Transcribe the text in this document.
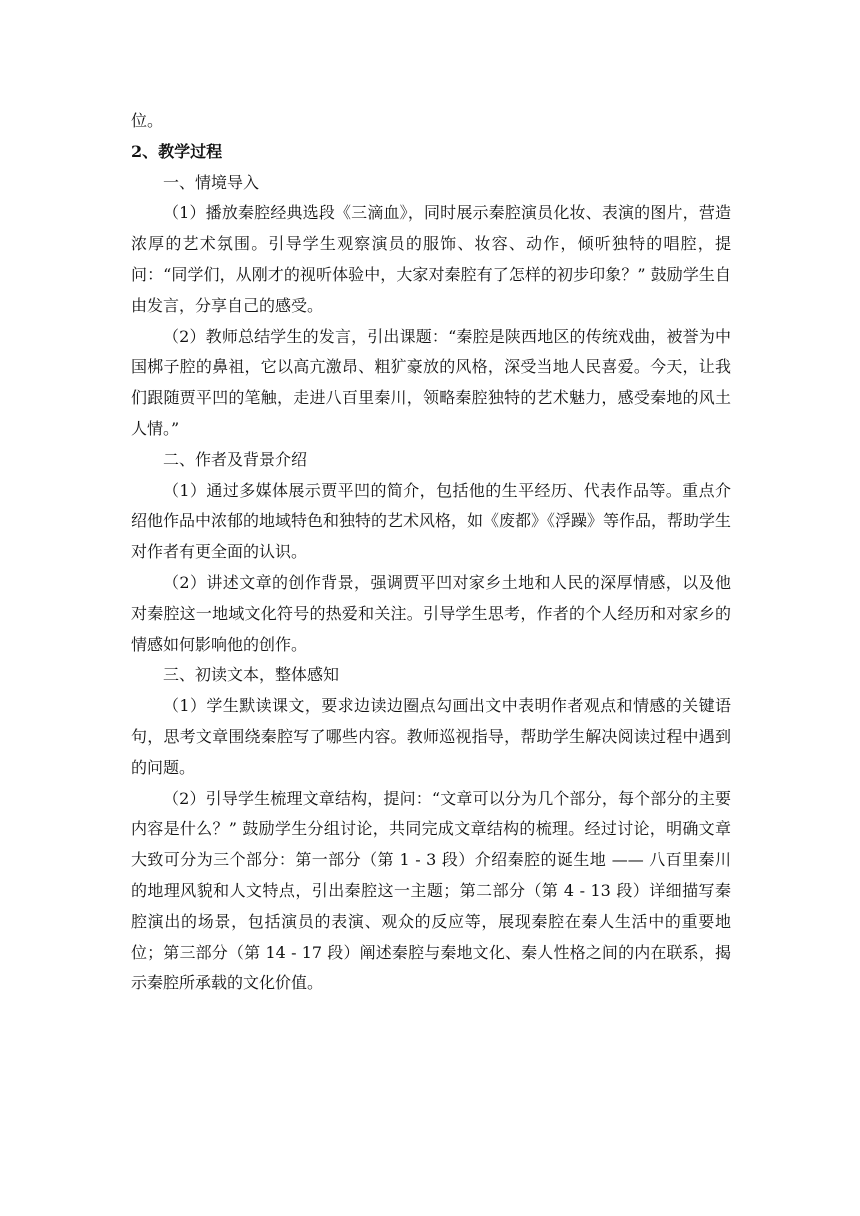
位。

2、教学过程

一、情境导入

（1）播放秦腔经典选段《三滴血》，同时展示秦腔演员化妆、表演的图片，营造浓厚的艺术氛围。引导学生观察演员的服饰、妆容、动作，倾听独特的唱腔，提问：“同学们，从刚才的视听体验中，大家对秦腔有了怎样的初步印象？” 鼓励学生自由发言，分享自己的感受。

（2）教师总结学生的发言，引出课题：“秦腔是陕西地区的传统戏曲，被誉为中国梆子腔的鼻祖，它以高亢激昂、粗犷豪放的风格，深受当地人民喜爱。今天，让我们跟随贾平凹的笔触，走进八百里秦川，领略秦腔独特的艺术魅力，感受秦地的风土人情。”

二、作者及背景介绍

（1）通过多媒体展示贾平凹的简介，包括他的生平经历、代表作品等。重点介绍他作品中浓郁的地域特色和独特的艺术风格，如《废都》《浮躁》等作品，帮助学生对作者有更全面的认识。

（2）讲述文章的创作背景，强调贾平凹对家乡土地和人民的深厚情感，以及他对秦腔这一地域文化符号的热爱和关注。引导学生思考，作者的个人经历和对家乡的情感如何影响他的创作。

三、初读文本，整体感知

（1）学生默读课文，要求边读边圈点勾画出文中表明作者观点和情感的关键语句，思考文章围绕秦腔写了哪些内容。教师巡视指导，帮助学生解决阅读过程中遇到的问题。

（2）引导学生梳理文章结构，提问：“文章可以分为几个部分，每个部分的主要内容是什么？” 鼓励学生分组讨论，共同完成文章结构的梳理。经过讨论，明确文章大致可分为三个部分：第一部分（第 1 - 3 段）介绍秦腔的诞生地 —— 八百里秦川的地理风貌和人文特点，引出秦腔这一主题；第二部分（第 4 - 13 段）详细描写秦腔演出的场景，包括演员的表演、观众的反应等，展现秦腔在秦人生活中的重要地位；第三部分（第 14 - 17 段）阐述秦腔与秦地文化、秦人性格之间的内在联系，揭示秦腔所承载的文化价值。
